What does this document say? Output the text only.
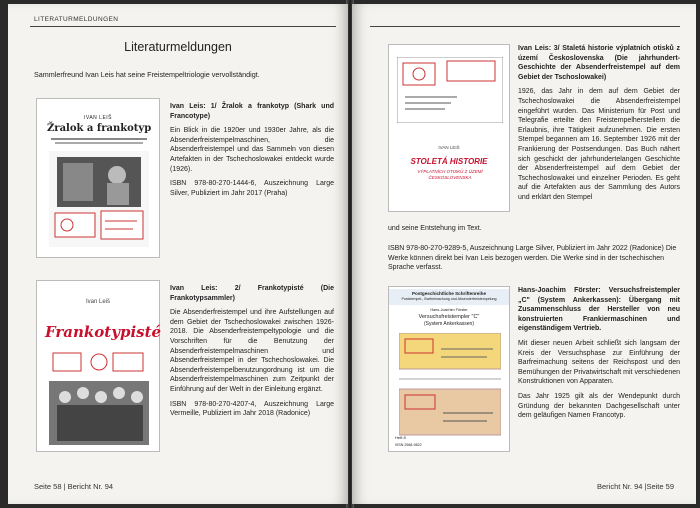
LITERATURMELDUNGEN
Literaturmeldungen
Sammlerfreund Ivan Leis hat seine Freistempeltriologie vervollständigt.
IVAN LEIŠ
Žralok a frankotyp

Ivan Leis: 1/ Žralok a frankotyp (Shark und Francotype)

Ein Blick in die 1920er und 1930er Jahre, als die Absenderfreistempelmaschinen, die Absenderfreistempel und das Sammeln von diesen Artefakten in der Tschechoslowakei entdeckt wurde (1926).

ISBN 978-80-270-1444-6, Auszeichnung Large Silver, Publiziert im Jahr 2017 (Praha)

Ivan Leiš
Frankotypisté

Ivan Leis: 2/ Frankotypisté (Die Frankotypsammler)

Die Absenderfreistempel und ihre Aufstellungen auf dem Gebiet der Tschechoslowakei zwischen 1926-2018. Die Absenderfreistempeltypologie und die Vorschriften für die Benutzung der Absenderfreistempelmaschinen und Absenderfreistempel in der Tschechoslowakei. Die Absenderfreistempelbenutzungordnung ist um die Absenderfreistempelmaschinen zum Zeitpunkt der Einführung auf der Welt in der Einleitung ergänzt.

ISBN 978-80-270-4207-4, Auszeichnung Large Vermeille, Publiziert im Jahr 2018 (Radonice)

Seite 58 | Bericht Nr. 94
IVAN LEIŠ
STOLETÁ HISTORIE
VÝPLATNÍCH OTISKŮ Z ÚZEMÍ ČESKOSLOVENSKA

Ivan Leis: 3/ Staletá historie výplatních otisků z území Československa (Die jahrhundert-Geschichte der Absenderfreistempel auf dem Gebiet der Tschoslowakei)

1926, das Jahr in dem auf dem Gebiet der Tschechoslowakei die Absenderfreistempel eingeführt wurden. Das Ministerium für Post und Telegrafie erteilte den Freistempelherstellern die Erlaubnis, ihre Tätigkeit aufzunehmen. Die ersten Stempel begannen am 16. September 1926 mit der Frankierung der Postsendungen. Das Buch nähert sich geschickt der jahrhundertelangen Geschichte der Absenderfreistempel auf dem Gebiet der Tschechoslowakei und einzelner Perioden. Es geht auf die Artefakten aus der Sammlung des Autors und erklärt den Stempel

und seine Entstehung im Text.
ISBN 978-80-270-9289-5, Auszeichnung Large Silver, Publiziert im Jahr 2022 (Radonice) Die Werke können direkt bei Ivan Leis bezogen werden. Die Werke sind in der tschechischen Sprache verfasst.
Postgeschichtliche Schriftenreihe
Poststempel-, Barfreimachung und Absenderfreistempelung
Hans-Joachim Förster
Versuchsfreistempler "C"
(System Ankerkassen)
Heft 8
ISSN 2568-9822

Hans-Joachim Förster: Versuchsfreistempler „C" (System Ankerkassen): Übergang mit Zusammenschluss der Hersteller von neu konstruierten Frankiermaschinen und eigenständigem Vertrieb.

Mit dieser neuen Arbeit schließt sich langsam der Kreis der Versuchsphase zur Einführung der Barfreimachung seitens der Reichspost und den Bemühungen der Privatwirtschaft mit verschiedenen Konstruktionen von Apparaten.

Das Jahr 1925 gilt als der Wendepunkt durch Gründung der bekannten Dachgesellschaft unter dem geläufigen Namen Francotyp.

Bericht Nr. 94 |Seite 59
